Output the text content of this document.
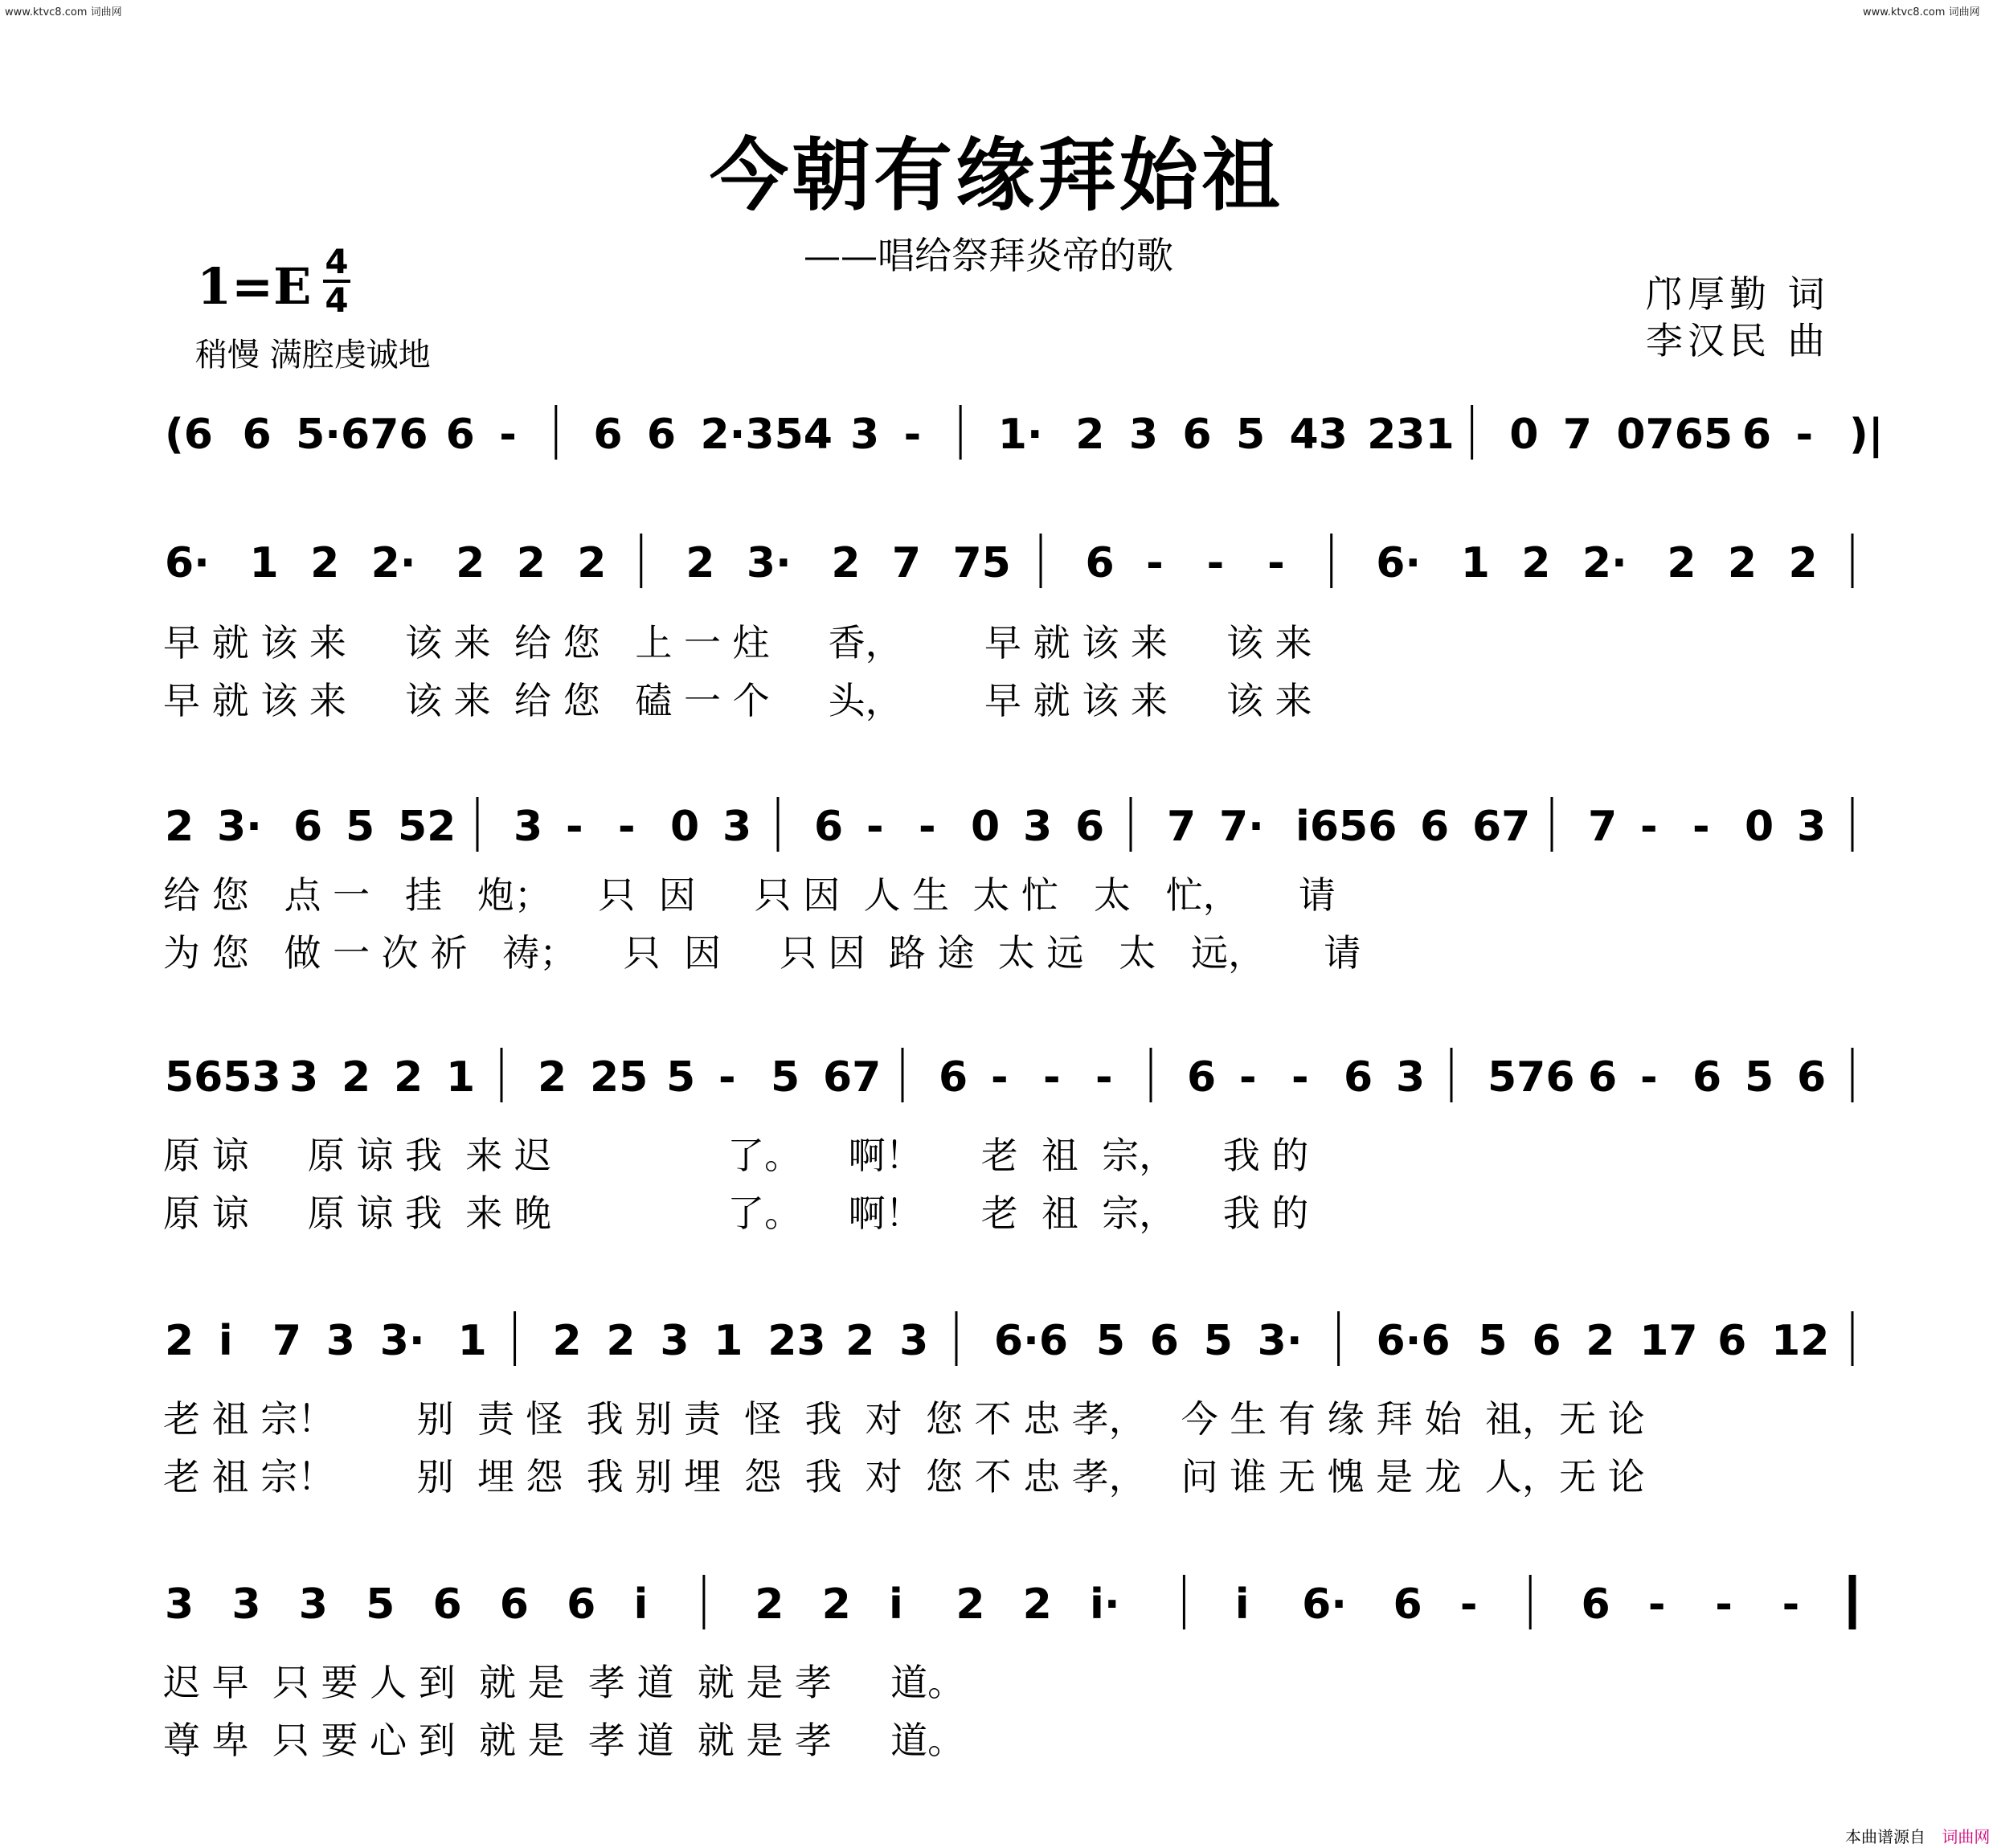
www.ktvc8.com 词曲网	www.ktvc8.com 词曲网
今朝有缘拜始祖
——唱给祭拜炎帝的歌
1=E 4
4
稍慢 满腔虔诚地
邝厚勤 词
李汉民 曲
(6 6 5·676 6 - 6 6 2·354 3 - 1· 2 3 6 5 43 231 0 7 0765 6 - )|
6· 1 2 2· 2 2 2 2 3· 2 7 75 6 - - - 6· 1 2 2· 2 2 2
早 就 该 来     该 来  给 您   上 一 炷     香，       早 就 该 来     该 来
早 就 该 来     该 来  给 您   磕 一 个     头，       早 就 该 来     该 来
2 3· 6 5 52 3 - - 0 3 6 - - 0 3 6 7 7· i656 6 67 7 - - 0 3
给 您   点 一   挂   炮；    只  因     只 因  人 生  太 忙   太   忙，     请
为 您   做 一 次 祈   祷；    只  因     只 因  路 途  太 远   太   远，     请
5653 3 2 2 1 2 25 5 - 5 67 6 - - - 6 - - 6 3 576 6 - 6 5 6
原 谅     原 谅 我  来 迟               了。    啊！     老  祖  宗，    我 的
原 谅     原 谅 我  来 晚               了。    啊！     老  祖  宗，    我 的
2 i 7 3 3· 1 2 2 3 1 23 2 3 6·6 5 6 5 3· 6·6 5 6 2 17 6 12
老 祖 宗！       别  责 怪  我 别 责  怪  我  对  您 不 忠 孝，   今 生 有 缘 拜 始  祖，无 论
老 祖 宗！       别  埋 怨  我 别 埋  怨  我  对  您 不 忠 孝，   问 谁 无 愧 是 龙  人，无 论
3 3 3 5 6 6 6 i	2 2 i 2 2 i·	i 6· 6 - 6 - - -
迟 早  只 要 人 到  就 是  孝 道  就 是 孝     道。
尊 卑  只 要 心 到  就 是  孝 道  就 是 孝     道。
本曲谱源自 词曲网
